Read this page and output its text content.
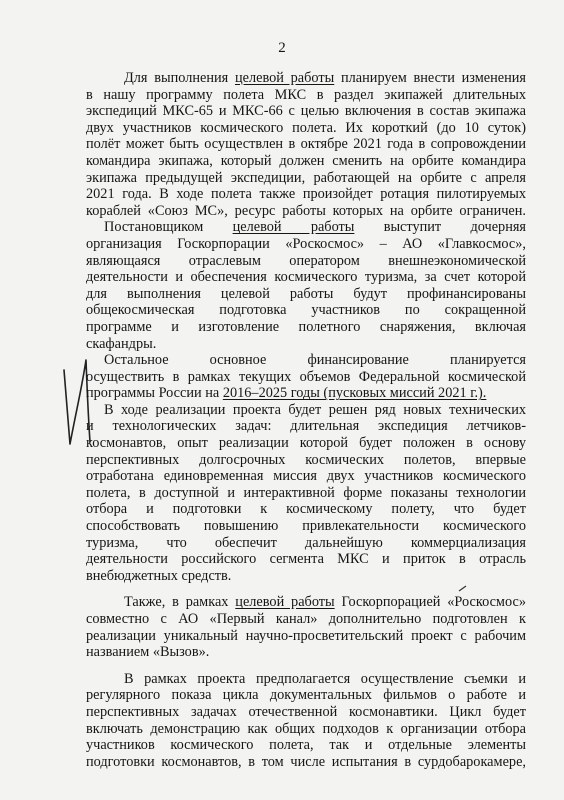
2
Для выполнения целевой работы планируем внести изменения
в нашу программу полета МКС в раздел экипажей длительных
экспедиций МКС-65 и МКС-66 с целью включения в состав экипажа
двух участников космического полета. Их короткий (до 10 суток)
полёт может быть осуществлен в октябре 2021 года в сопровождении
командира экипажа, который должен сменить на орбите командира
экипажа предыдущей экспедиции, работающей на орбите с апреля
2021 года. В ходе полета также произойдет ротация пилотируемых
кораблей «Союз МС», ресурс работы которых на орбите ограничен.
Постановщиком целевой работы выступит дочерняя
организация Госкорпорации «Роскосмос» – АО «Главкосмос»,
являющаяся отраслевым оператором внешнеэкономической
деятельности и обеспечения космического туризма, за счет которой
для выполнения целевой работы будут профинансированы
общекосмическая подготовка участников по сокращенной
программе и изготовление полетного снаряжения, включая
скафандры.
Остальное основное финансирование планируется
осуществить в рамках текущих объемов Федеральной космической
программы России на 2016–2025 годы (пусковых миссий 2021 г.).
В ходе реализации проекта будет решен ряд новых технических
и технологических задач: длительная экспедиция летчиков-
космонавтов, опыт реализации которой будет положен в основу
перспективных долгосрочных космических полетов, впервые
отработана единовременная миссия двух участников космического
полета, в доступной и интерактивной форме показаны технологии
отбора и подготовки к космическому полету, что будет
способствовать повышению привлекательности космического
туризма, что обеспечит дальнейшую коммерциализация
деятельности российского сегмента МКС и приток в отрасль
внебюджетных средств.
Также, в рамках целевой работы Госкорпорацией «Роскосмос»
совместно с АО «Первый канал» дополнительно подготовлен к
реализации уникальный научно-просветительский проект с рабочим
названием «Вызов».
В рамках проекта предполагается осуществление съемки и
регулярного показа цикла документальных фильмов о работе и
перспективных задачах отечественной космонавтики. Цикл будет
включать демонстрацию как общих подходов к организации отбора
участников космического полета, так и отдельные элементы
подготовки космонавтов, в том числе испытания в сурдобарокамере,
